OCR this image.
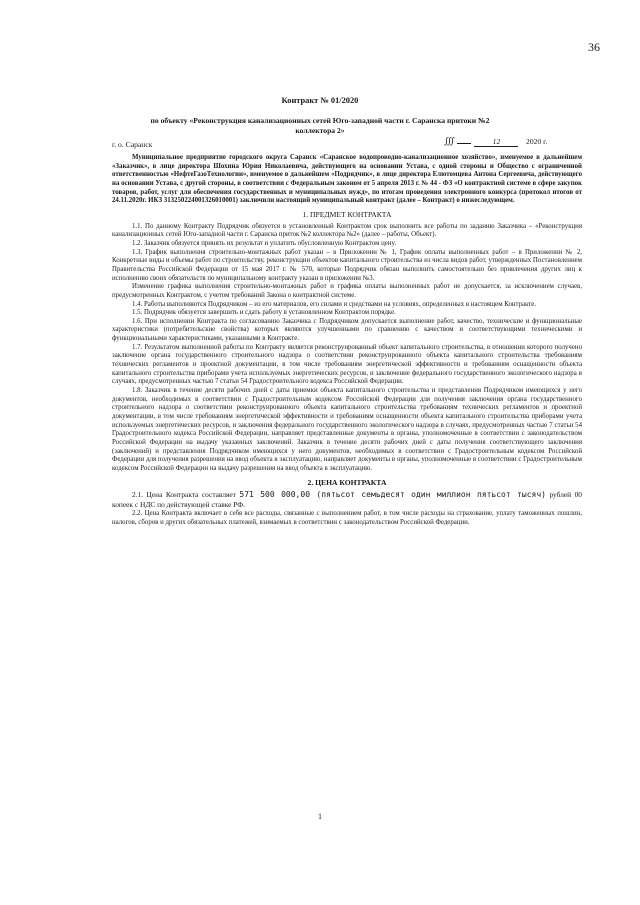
36
Контракт № 01/2020
по объекту «Реконструкция канализационных сетей Юго-западной части г. Саранска притоки №2 коллектора 2»
г. о. Саранск	∭⁠	12	2020 г.

Муниципальное предприятие городского округа Саранск «Саранское водопроводно-канализационное хозяйство», именуемое в дальнейшем «Заказчик», в лице директора Шохина Юрия Николаевича, действующего на основании Устава, с одной стороны и Общество с ограниченной ответственностью «НефтеГазоТехнологии», именуемое в дальнейшем «Подрядчик», в лице директора Елютомцева Антона Сергеевича, действующего на основании Устава, с другой стороны, в соответствии с Федеральным законом от 5 апреля 2013 г. № 44 - ФЗ «О контрактной системе в сфере закупок товаров, работ, услуг для обеспечения государственных и муниципальных нужд», по итогам проведения электронного конкурса (протокол итогов от 24.11.2020г. ИКЗ 313250224001326010001) заключили настоящий муниципальный контракт (далее – Контракт) о нижеследующем.

1. ПРЕДМЕТ КОНТРАКТА

1.1. По данному Контракту Подрядчик обязуется в установленный Контрактом срок выполнить все работы по заданию Заказчика – «Реконструкция канализационных сетей Юго-западной части г. Саранска приток №2 коллектора №2» (далее – работы, Объект).

1.2. Заказчик обязуется принять их результат и уплатить обусловленную Контрактом цену.

1.3. График выполнения строительно-монтажных работ указан – в Приложении № 1, График оплаты выполненных работ – в Приложении № 2, Конкретные виды и объемы работ по строительству, реконструкции объектов капитального строительства из числа видов работ, утвержденных Постановлением Правительства Российской Федерации от 15 мая 2017 г. № 570, которые Подрядчик обязан выполнить самостоятельно без привлечения других лиц к исполнению своих обязательств по муниципальному контракту указан в приложении №3.

Изменение графика выполнения строительно-монтажных работ и графика оплаты выполненных работ не допускается, за исключением случаев, предусмотренных Контрактом, с учетом требований Закона о контрактной системе.

1.4. Работы выполняются Подрядчиком – из его материалов, его силами и средствами на условиях, определенных в настоящем Контракте.

1.5. Подрядчик обязуется завершить и сдать работу в установленном Контрактом порядке.

1.6. При исполнении Контракта по согласованию Заказчика с Подрядчиком допускается выполнение работ, качество, технические и функциональные характеристики (потребительские свойства) которых являются улучшенными по сравнению с качеством и соответствующими техническими и функциональными характеристиками, указанными в Контракте.

1.7. Результатом выполненной работы по Контракту является реконструированный объект капитального строительства, в отношении которого получено заключение органа государственного строительного надзора о соответствии реконструированного объекта капитального строительства требованиям технических регламентов и проектной документации, в том числе требованиям энергетической эффективности и требованиям оснащенности объекта капитального строительства приборами учета используемых энергетических ресурсов, и заключение федерального государственного экологического надзора в случаях, предусмотренных частью 7 статьи 54 Градостроительного кодекса Российской Федерации.

1.8. Заказчик в течение десяти рабочих дней с даты приемки объекта капитального строительства и представления Подрядчиком имеющихся у него документов, необходимых в соответствии с Градостроительным кодексом Российской Федерации для получения заключения органа государственного строительного надзора о соответствии реконструированного объекта капитального строительства требованиям технических регламентов и проектной документации, в том числе требованиям энергетической эффективности и требованиям оснащенности объекта капитального строительства приборами учета используемых энергетических ресурсов, и заключения федерального государственного экологического надзора в случаях, предусмотренных частью 7 статьи 54 Градостроительного кодекса Российской Федерации, направляет представленные документы в органы, уполномоченные в соответствии с законодательством Российской Федерации на выдачу указанных заключений. Заказчик в течение десяти рабочих дней с даты получения соответствующего заключения (заключений) и представления Подрядчиком имеющихся у него документов, необходимых в соответствии с Градостроительным кодексом Российской Федерации для получения разрешения на ввод объекта в эксплуатацию, направляет документы в органы, уполномоченные в соответствии с Градостроительным кодексом Российской Федерации на выдачу разрешения на ввод объекта в эксплуатацию.

2. ЦЕНА КОНТРАКТА

2.1. Цена Контракта составляет 571 500 000,00 (пятьсот семьдесят один миллион пятьсот тысяч) рублей 00 копеек с НДС по действующей ставке РФ.

2.2. Цена Контракта включает в себя все расходы, связанные с выполнением работ, в том числе расходы на страхование, уплату таможенных пошлин, налогов, сборов и других обязательных платежей, взимаемых в соответствии с законодательством Российской Федерации.

1
